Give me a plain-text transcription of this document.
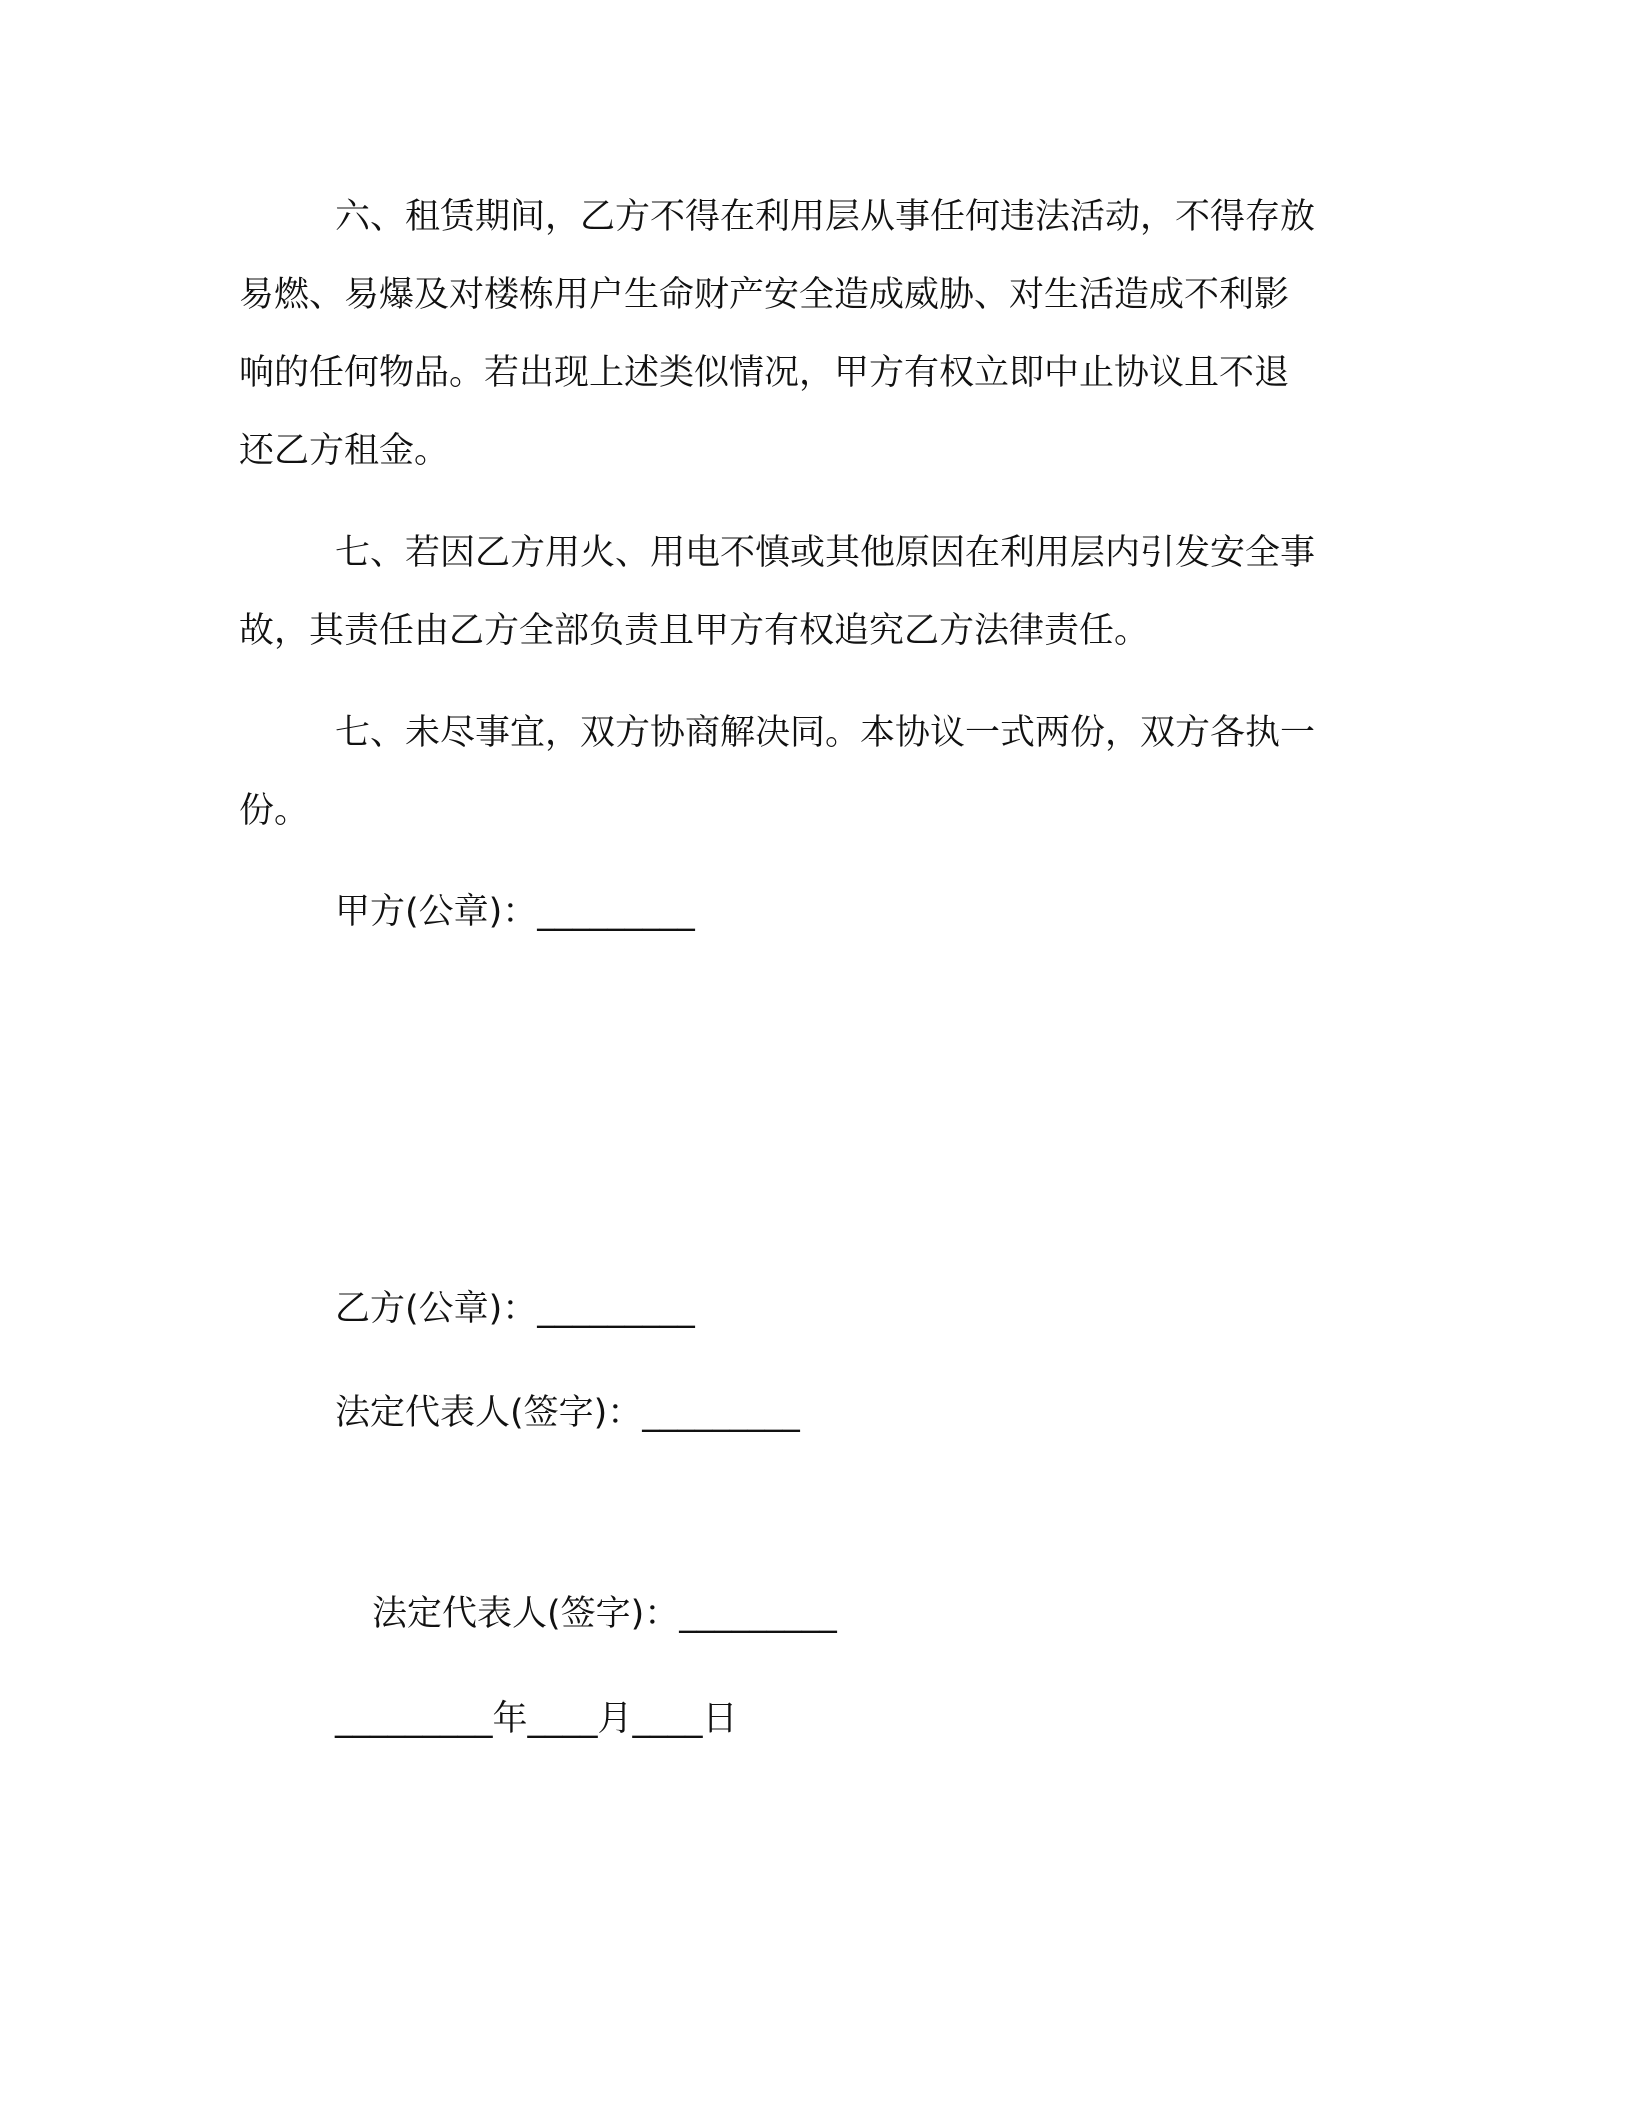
六、租赁期间，乙方不得在利用层从事任何违法活动，不得存放
易燃、易爆及对楼栋用户生命财产安全造成威胁、对生活造成不利影
响的任何物品。若出现上述类似情况，甲方有权立即中止协议且不退
还乙方租金。
七、若因乙方用火、用电不慎或其他原因在利用层内引发安全事
故，其责任由乙方全部负责且甲方有权追究乙方法律责任。
七、未尽事宜，双方协商解决同。本协议一式两份，双方各执一
份。
甲方(公章)：_________
乙方(公章)：_________
法定代表人(签字)：_________
法定代表人(签字)：_________
_________年____月____日
